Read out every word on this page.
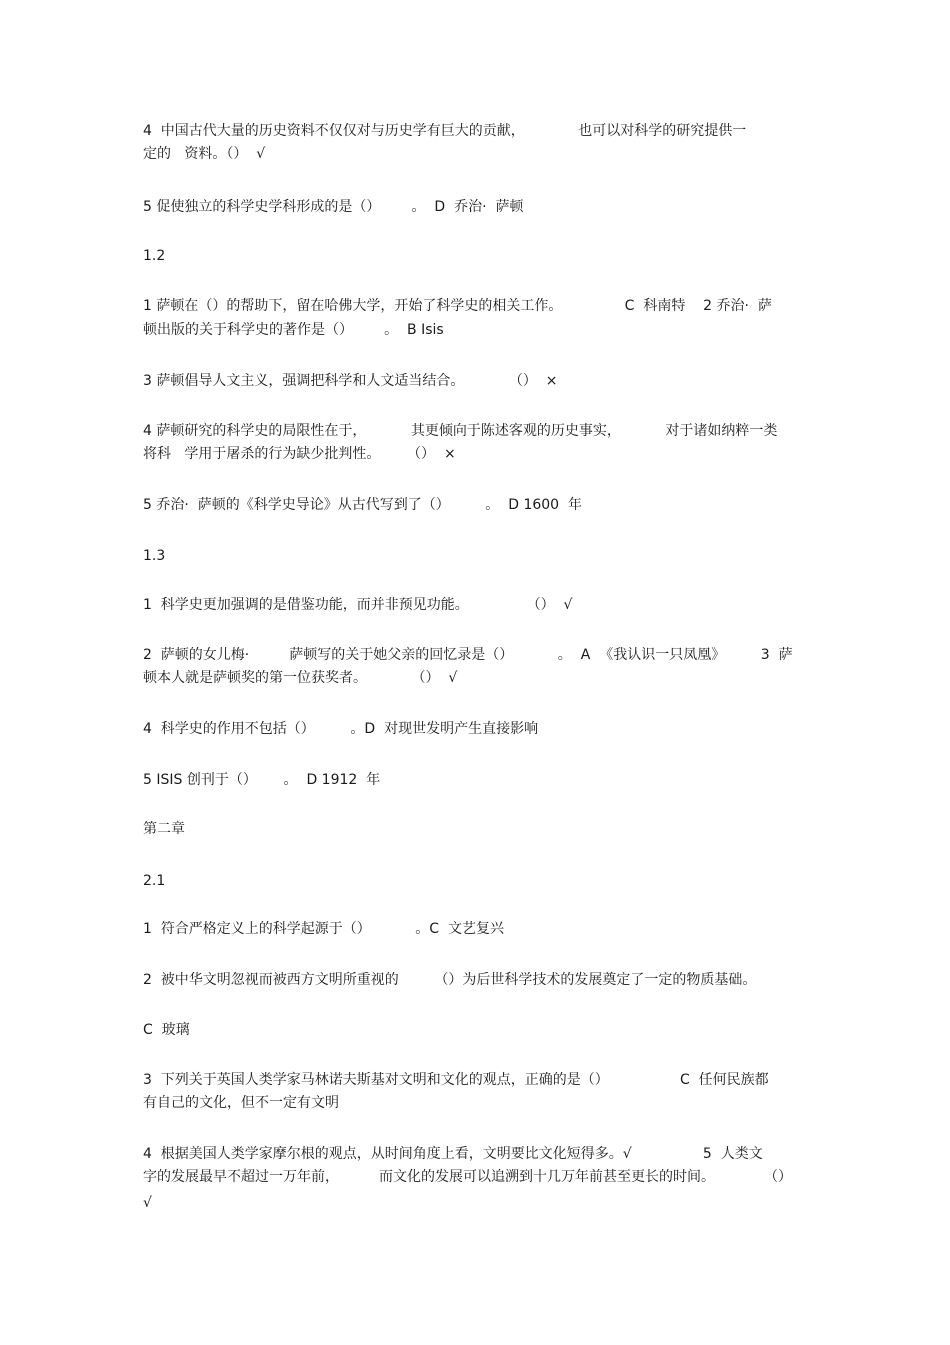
4  中国古代大量的历史资料不仅仅对与历史学有巨大的贡献，            也可以对科学的研究提供一
定的   资料。（）  √
5 促使独立的科学史学科形成的是（）       。  D  乔治·  萨顿
1.2
1 萨顿在（）的帮助下，留在哈佛大学，开始了科学史的相关工作。              C  科南特    2 乔治·  萨
顿出版的关于科学史的著作是（）       。  B Isis
3 萨顿倡导人文主义，强调把科学和人文适当结合。          （）  ×
4 萨顿研究的科学史的局限性在于，          其更倾向于陈述客观的历史事实，          对于诸如纳粹一类
将科   学用于屠杀的行为缺少批判性。      （）  ×
5 乔治·  萨顿的《科学史导论》从古代写到了（）        。  D 1600  年
1.3
1  科学史更加强调的是借鉴功能，而并非预见功能。             （）  √
2  萨顿的女儿梅·         萨顿写的关于她父亲的回忆录是（）          。  A  《我认识一只凤凰》        3  萨
顿本人就是萨顿奖的第一位获奖者。          （）  √
4  科学史的作用不包括（）        。D  对现世发明产生直接影响
5 ISIS 创刊于（）      。  D 1912  年
第二章
2.1
1  符合严格定义上的科学起源于（）          。C  文艺复兴
2  被中华文明忽视而被西方文明所重视的        （）为后世科学技术的发展奠定了一定的物质基础。
C  玻璃
3  下列关于英国人类学家马林诺夫斯基对文明和文化的观点，正确的是（）                C  任何民族都
有自己的文化，但不一定有文明
4  根据美国人类学家摩尔根的观点，从时间角度上看，文明要比文化短得多。√                5  人类文
字的发展最早不超过一万年前，         而文化的发展可以追溯到十几万年前甚至更长的时间。           （）
√
